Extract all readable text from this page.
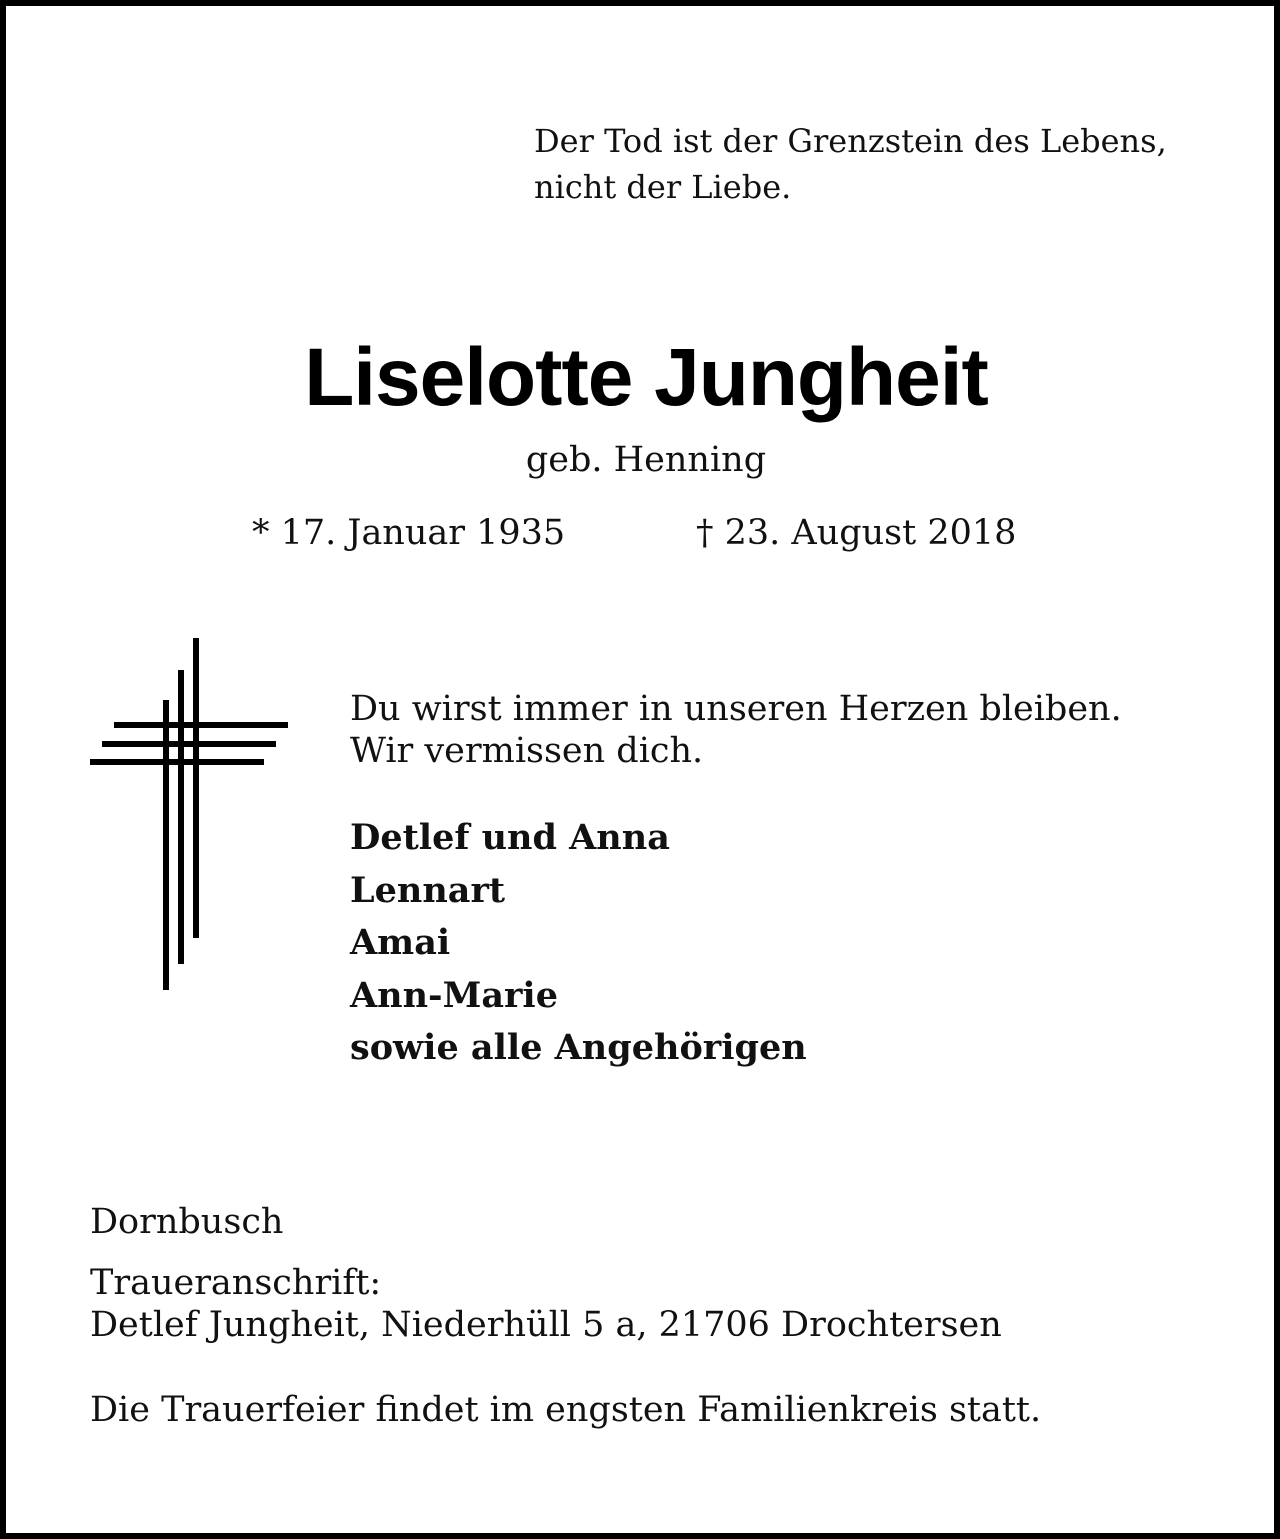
Der Tod ist der Grenzstein des Lebens,
nicht der Liebe.
Liselotte Jungheit
geb. Henning
* 17. Januar 1935	† 23. August 2018
Du wirst immer in unseren Herzen bleiben.
Wir vermissen dich.
Detlef und Anna
Lennart
Amai
Ann-Marie
sowie alle Angehörigen
Dornbusch
Traueranschrift:
Detlef Jungheit, Niederhüll 5 a, 21706 Drochtersen
Die Trauerfeier findet im engsten Familienkreis statt.
